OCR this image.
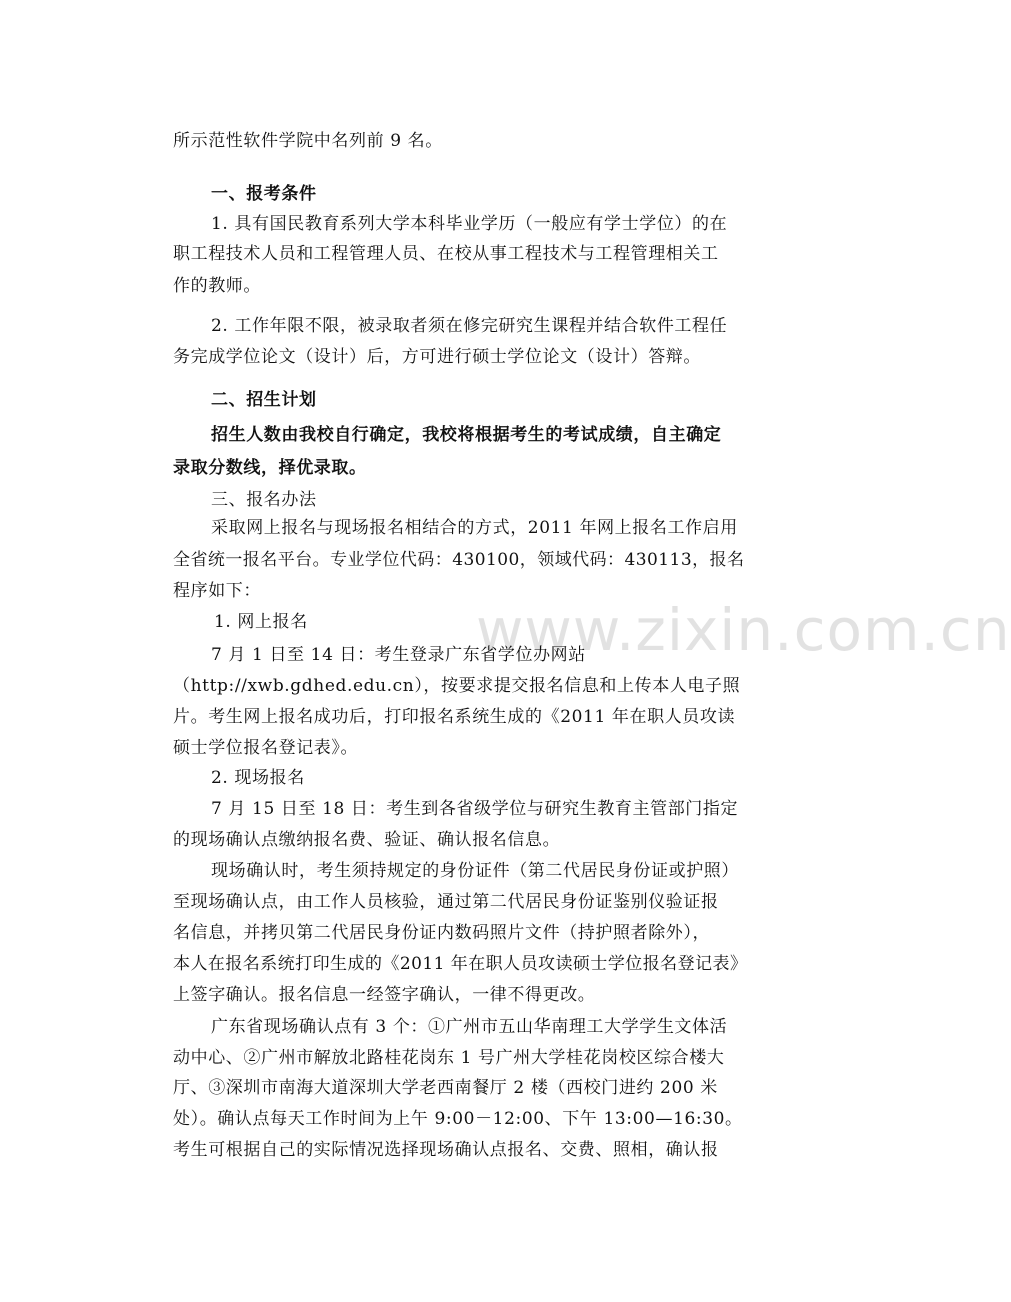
www.zixin.com.cn
所示范性软件学院中名列前 9 名。
一、报考条件
1. 具有国民教育系列大学本科毕业学历（一般应有学士学位）的在
职工程技术人员和工程管理人员、在校从事工程技术与工程管理相关工
作的教师。
2. 工作年限不限，被录取者须在修完研究生课程并结合软件工程任
务完成学位论文（设计）后，方可进行硕士学位论文（设计）答辩。
二、招生计划
招生人数由我校自行确定，我校将根据考生的考试成绩，自主确定
录取分数线，择优录取。
三、报名办法
采取网上报名与现场报名相结合的方式，2011 年网上报名工作启用
全省统一报名平台。专业学位代码：430100，领域代码：430113，报名
程序如下：
1. 网上报名
7 月 1 日至 14 日：考生登录广东省学位办网站
（http://xwb.gdhed.edu.cn），按要求提交报名信息和上传本人电子照
片。考生网上报名成功后，打印报名系统生成的《2011 年在职人员攻读
硕士学位报名登记表》。
2. 现场报名
7 月 15 日至 18 日：考生到各省级学位与研究生教育主管部门指定
的现场确认点缴纳报名费、验证、确认报名信息。
现场确认时，考生须持规定的身份证件（第二代居民身份证或护照）
至现场确认点，由工作人员核验，通过第二代居民身份证鉴别仪验证报
名信息，并拷贝第二代居民身份证内数码照片文件（持护照者除外），
本人在报名系统打印生成的《2011 年在职人员攻读硕士学位报名登记表》
上签字确认。报名信息一经签字确认，一律不得更改。
广东省现场确认点有 3 个：①广州市五山华南理工大学学生文体活
动中心、②广州市解放北路桂花岗东 1 号广州大学桂花岗校区综合楼大
厅、③深圳市南海大道深圳大学老西南餐厅 2 楼（西校门进约 200 米
处）。确认点每天工作时间为上午 9:00－12:00、下午 13:00—16:30。
考生可根据自己的实际情况选择现场确认点报名、交费、照相，确认报
